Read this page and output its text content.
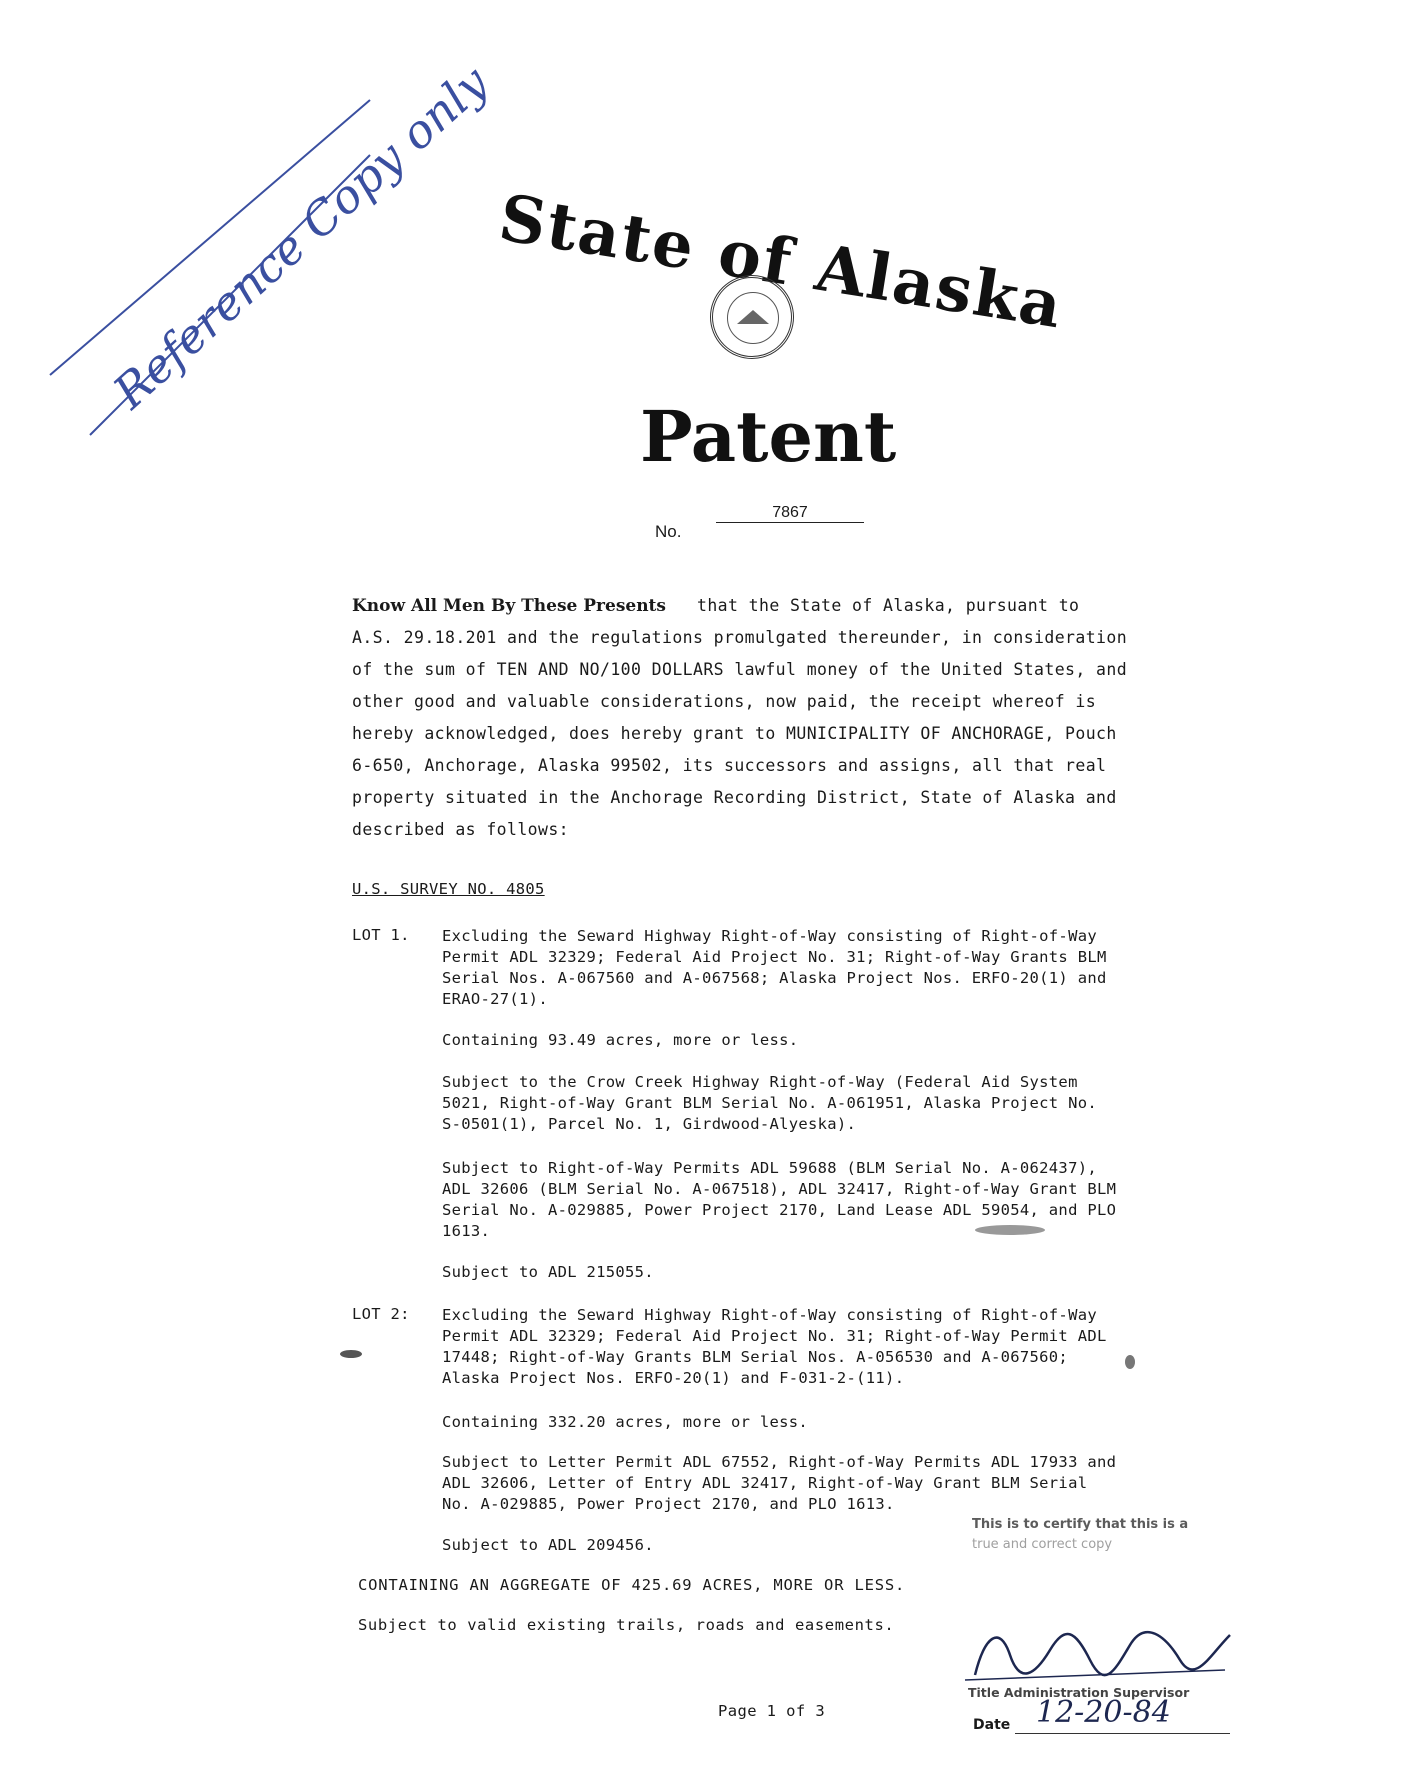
Reference Copy only
State of Alaska
Patent
No.
7867
Know All Men By These Presents that the State of Alaska, pursuant to
A.S. 29.18.201 and the regulations promulgated thereunder, in consideration
of the sum of TEN AND NO/100 DOLLARS lawful money of the United States, and
other good and valuable considerations, now paid, the receipt whereof is
hereby acknowledged, does hereby grant to MUNICIPALITY OF ANCHORAGE, Pouch
6-650, Anchorage, Alaska 99502, its successors and assigns, all that real
property situated in the Anchorage Recording District, State of Alaska and
described as follows:
U.S. SURVEY NO. 4805
LOT 1. Excluding the Seward Highway Right-of-Way consisting of Right-of-Way
Permit ADL 32329; Federal Aid Project No. 31; Right-of-Way Grants BLM
Serial Nos. A-067560 and A-067568; Alaska Project Nos. ERFO-20(1) and
ERAO-27(1).
Containing 93.49 acres, more or less.
Subject to the Crow Creek Highway Right-of-Way (Federal Aid System
5021, Right-of-Way Grant BLM Serial No. A-061951, Alaska Project No.
S-0501(1), Parcel No. 1, Girdwood-Alyeska).
Subject to Right-of-Way Permits ADL 59688 (BLM Serial No. A-062437),
ADL 32606 (BLM Serial No. A-067518), ADL 32417, Right-of-Way Grant BLM
Serial No. A-029885, Power Project 2170, Land Lease ADL 59054, and PLO
1613.
Subject to ADL 215055.
LOT 2: Excluding the Seward Highway Right-of-Way consisting of Right-of-Way
Permit ADL 32329; Federal Aid Project No. 31; Right-of-Way Permit ADL
17448; Right-of-Way Grants BLM Serial Nos. A-056530 and A-067560;
Alaska Project Nos. ERFO-20(1) and F-031-2-(11).
Containing 332.20 acres, more or less.
Subject to Letter Permit ADL 67552, Right-of-Way Permits ADL 17933 and
ADL 32606, Letter of Entry ADL 32417, Right-of-Way Grant BLM Serial
No. A-029885, Power Project 2170, and PLO 1613.
Subject to ADL 209456.
CONTAINING AN AGGREGATE OF 425.69 ACRES, MORE OR LESS.
Subject to valid existing trails, roads and easements.
Page 1 of 3
This is to certify that this is a
true and correct copy
Title Administration Supervisor
Date 12-20-84
